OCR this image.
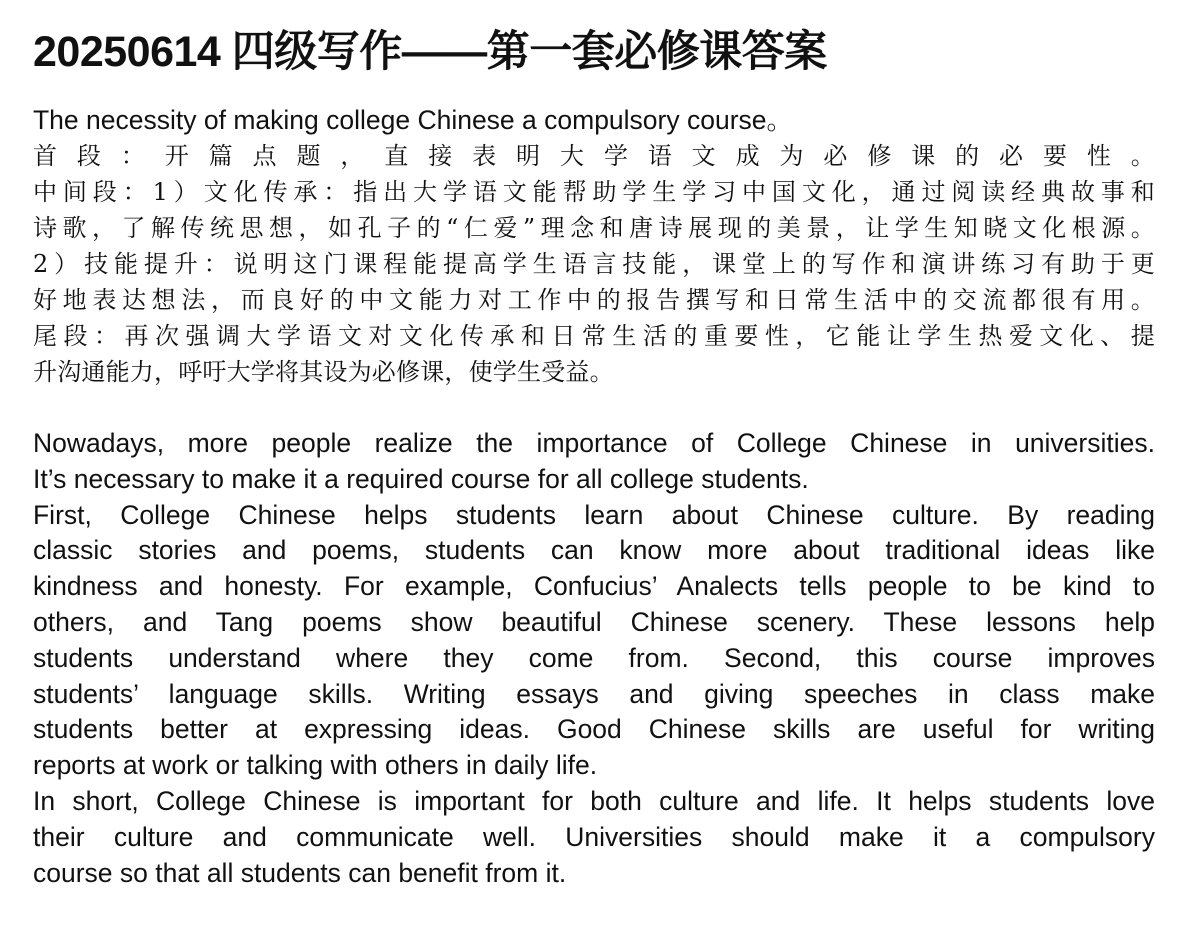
20250614 四级写作——第一套必修课答案
The necessity of making college Chinese a compulsory course。
首段：开篇点题，直接表明大学语文成为必修课的必要性。
中间段：1）文化传承：指出大学语文能帮助学生学习中国文化，通过阅读经典故事和
诗歌，了解传统思想，如孔子的“仁爱”理念和唐诗展现的美景，让学生知晓文化根源。
2）技能提升：说明这门课程能提高学生语言技能，课堂上的写作和演讲练习有助于更
好地表达想法，而良好的中文能力对工作中的报告撰写和日常生活中的交流都很有用。
尾段：再次强调大学语文对文化传承和日常生活的重要性，它能让学生热爱文化、提
升沟通能力，呼吁大学将其设为必修课，使学生受益。
Nowadays, more people realize the importance of College Chinese in universities.
It’s necessary to make it a required course for all college students.
First, College Chinese helps students learn about Chinese culture. By reading
classic stories and poems, students can know more about traditional ideas like
kindness and honesty. For example, Confucius’ Analects tells people to be kind to
others, and Tang poems show beautiful Chinese scenery. These lessons help
students understand where they come from. Second, this course improves
students’ language skills. Writing essays and giving speeches in class make
students better at expressing ideas. Good Chinese skills are useful for writing
reports at work or talking with others in daily life.
In short, College Chinese is important for both culture and life. It helps students love
their culture and communicate well. Universities should make it a compulsory
course so that all students can benefit from it.
